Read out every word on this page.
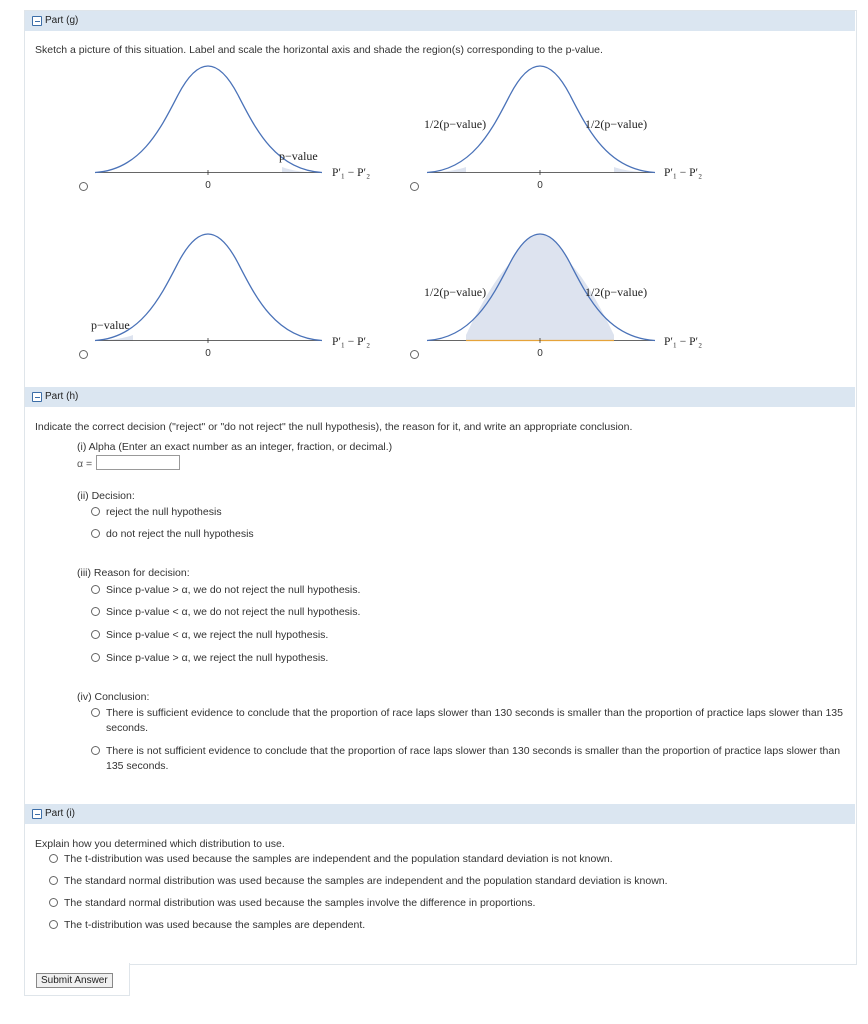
Part (g)
Sketch a picture of this situation. Label and scale the horizontal axis and shade the region(s) corresponding to the p-value.
0
p−value
P′₁ − P′₂
0
1/2(p−value)	1/2(p−value)
P′₁ − P′₂
0
p−value
P′₁ − P′₂
0
1/2(p−value)	1/2(p−value)
P′₁ − P′₂
Part (h)
Indicate the correct decision ("reject" or "do not reject" the null hypothesis), the reason for it, and write an appropriate conclusion.
(i) Alpha (Enter an exact number as an integer, fraction, or decimal.)
α =
(ii) Decision:
reject the null hypothesis
do not reject the null hypothesis
(iii) Reason for decision:
Since p-value > α, we do not reject the null hypothesis.
Since p-value < α, we do not reject the null hypothesis.
Since p-value < α, we reject the null hypothesis.
Since p-value > α, we reject the null hypothesis.
(iv) Conclusion:
There is sufficient evidence to conclude that the proportion of race laps slower than 130 seconds is smaller than the proportion of practice laps slower than 135 seconds.
There is not sufficient evidence to conclude that the proportion of race laps slower than 130 seconds is smaller than the proportion of practice laps slower than 135 seconds.
Part (i)
Explain how you determined which distribution to use.
The t-distribution was used because the samples are independent and the population standard deviation is not known.
The standard normal distribution was used because the samples are independent and the population standard deviation is known.
The standard normal distribution was used because the samples involve the difference in proportions.
The t-distribution was used because the samples are dependent.
Submit Answer
